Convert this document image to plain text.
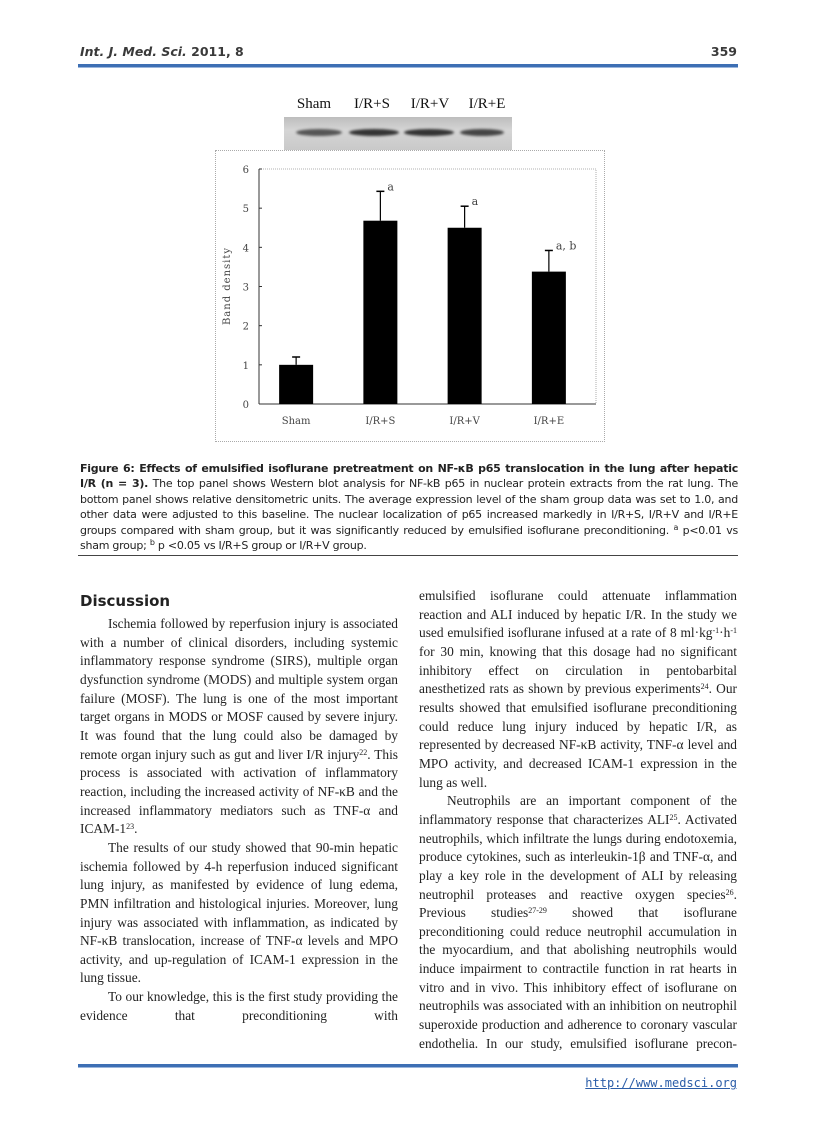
Int. J. Med. Sci. 2011, 8	359
Sham I/R+S I/R+V I/R+E
0
1
2
3
4
5
6
Band density
Sham
a
I/R+S
a
I/R+V
a, b
I/R+E
Figure 6: Effects of emulsified isoflurane pretreatment on NF-κB p65 translocation in the lung after hepatic I/R (n = 3). The top panel shows Western blot analysis for NF-kB p65 in nuclear protein extracts from the rat lung. The bottom panel shows relative densitometric units. The average expression level of the sham group data was set to 1.0, and other data were adjusted to this baseline. The nuclear localization of p65 increased markedly in I/R+S, I/R+V and I/R+E groups compared with sham group, but it was significantly reduced by emulsified isoflurane preconditioning. $^a$ p<0.01 vs sham group; $^b$ p <0.05 vs I/R+S group or I/R+V group.
Discussion

Ischemia followed by reperfusion injury is associated with a number of clinical disorders, including systemic inflammatory response syndrome (SIRS), multiple organ dysfunction syndrome (MODS) and multiple system organ failure (MOSF). The lung is one of the most important target organs in MODS or MOSF caused by severe injury. It was found that the lung could also be damaged by remote organ injury such as gut and liver I/R injury$^{22}$. This process is associated with activation of inflammatory reaction, including the increased activity of NF-κB and the increased inflammatory mediators such as TNF-α and ICAM-$1^{23}$.

The results of our study showed that 90-min hepatic ischemia followed by 4-h reperfusion induced significant lung injury, as manifested by evidence of lung edema, PMN infiltration and histological injuries. Moreover, lung injury was associated with inflammation, as indicated by NF-κB translocation, increase of TNF-α levels and MPO activity, and up-regulation of ICAM-1 expression in the lung tissue.

To our knowledge, this is the first study providing the evidence that preconditioning with

emulsified isoflurane could attenuate inflammation reaction and ALI induced by hepatic I/R. In the study we used emulsified isoflurane infused at a rate of 8 $ml\cdot kg^{-1}\cdot h^{-1}$ for 30 min, knowing that this dosage had no significant inhibitory effect on circulation in pentobarbital anesthetized rats as shown by previous experiments$^{24}$. Our results showed that emulsified isoflurane preconditioning could reduce lung injury induced by hepatic I/R, as represented by decreased NF-κB activity, TNF-α level and MPO activity, and decreased ICAM-1 expression in the lung as well.

Neutrophils are an important component of the inflammatory response that characterizes ALI$^{25}$. Activated neutrophils, which infiltrate the lungs during endotoxemia, produce cytokines, such as interleukin-1β and TNF-α, and play a key role in the development of ALI by releasing neutrophil proteases and reactive oxygen species$^{26}$. Previous studies$^{27-29}$ showed that isoflurane preconditioning could reduce neutrophil accumulation in the myocardium, and that abolishing neutrophils would induce impairment to contractile function in rat hearts in vitro and in vivo. This inhibitory effect of isoflurane on neutrophils was associated with an inhibition on neutrophil superoxide production and adherence to coronary vascular endothelia. In our study, emulsified isoflurane precon-

http://www.medsci.org
